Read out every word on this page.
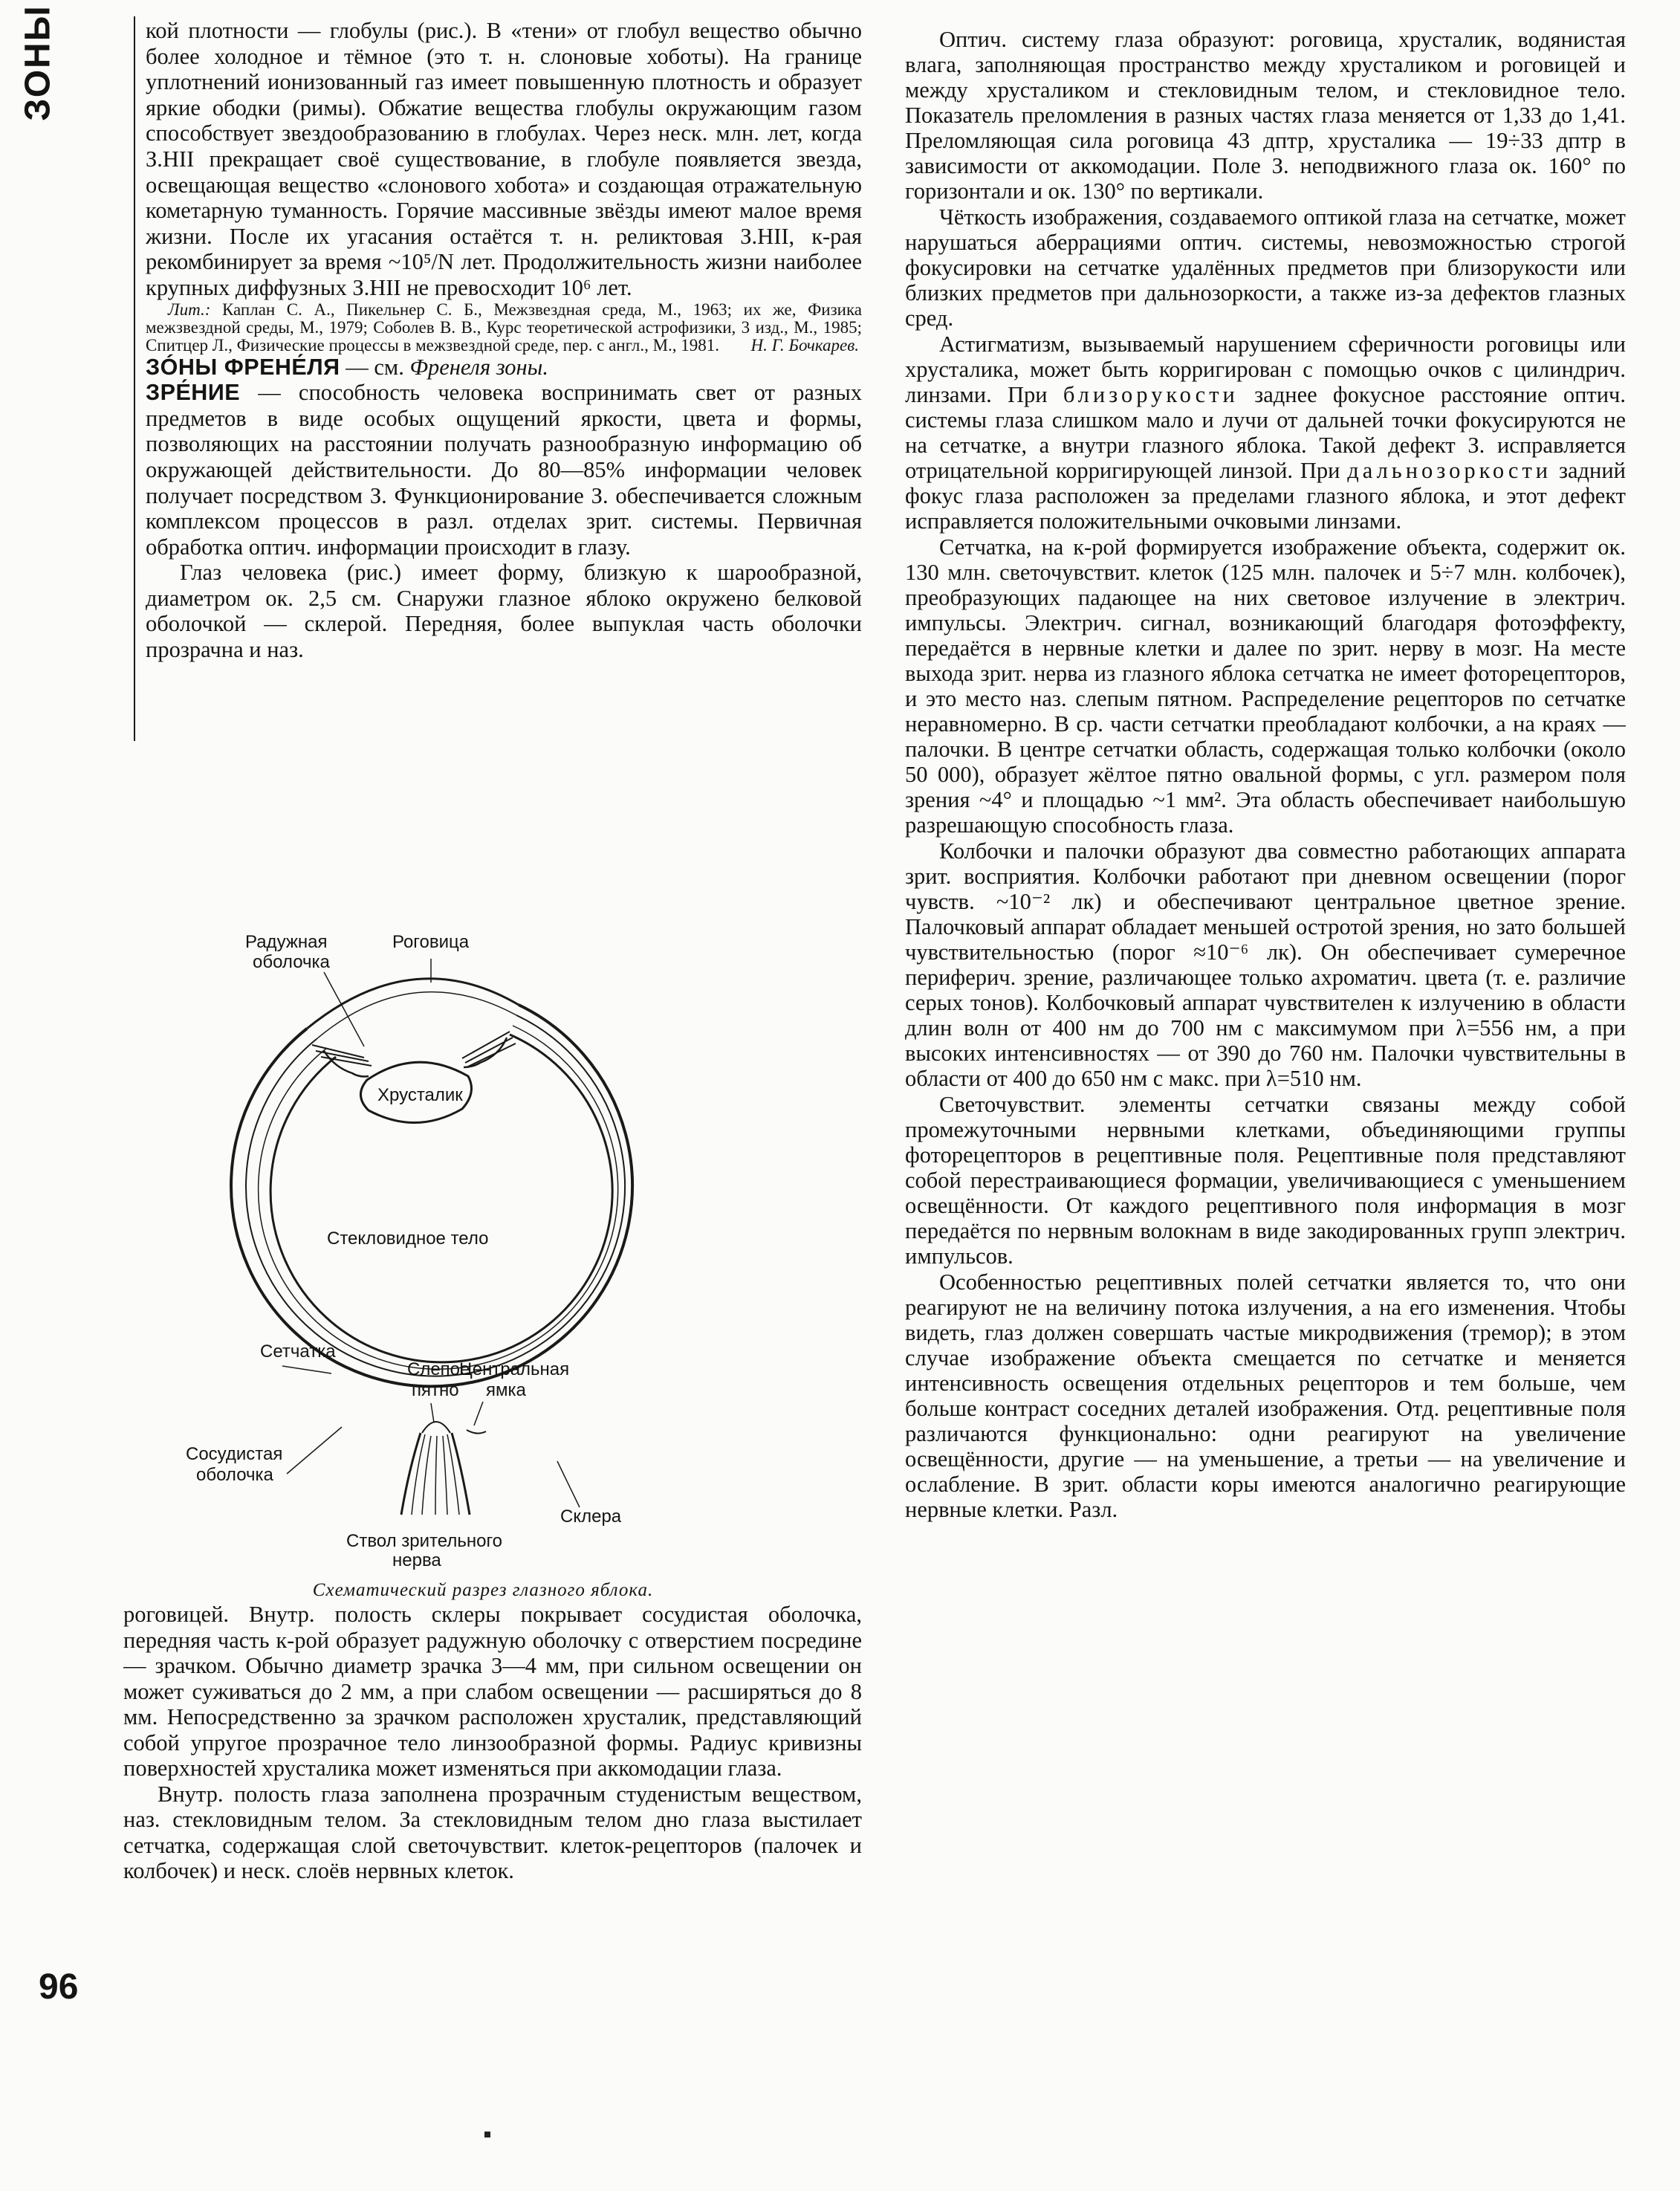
ЗОНЫ
96

кой плотности — глобулы (рис.). В «тени» от глобул вещество обычно более холодное и тёмное (это т. н. слоновые хоботы). На границе уплотнений ионизованный газ имеет повышенную плотность и образует яркие ободки (римы). Обжатие вещества глобулы окружающим газом способствует звездообразованию в глобулах. Через неск. млн. лет, когда З.НII прекращает своё существование, в глобуле появляется звезда, освещающая вещество «слонового хобота» и создающая отражательную кометарную туманность. Горячие массивные звёзды имеют малое время жизни. После их угасания остаётся т. н. реликтовая З.НII, к-рая рекомбинирует за время ~10⁵/N лет. Продолжительность жизни наиболее крупных диффузных З.НII не превосходит 10⁶ лет.

Лит.: Каплан С. А., Пикельнер С. Б., Межзвездная среда, М., 1963; их же, Физика межзвездной среды, М., 1979; Соболев В. В., Курс теоретической астрофизики, 3 изд., М., 1985; Спитцер Л., Физические процессы в межзвездной среде, пер. с англ., М., 1981.	Н. Г. Бочкарев.

ЗÓНЫ ФРЕНЕ́ЛЯ — см. Френеля зоны.

ЗРЕ́НИЕ — способность человека воспринимать свет от разных предметов в виде особых ощущений яркости, цвета и формы, позволяющих на расстоянии получать разнообразную информацию об окружающей действительности. До 80—85% информации человек получает посредством З. Функционирование З. обеспечивается сложным комплексом процессов в разл. отделах зрит. системы. Первичная обработка оптич. информации происходит в глазу.

Глаз человека (рис.) имеет форму, близкую к шарообразной, диаметром ок. 2,5 см. Снаружи глазное яблоко окружено белковой оболочкой — склерой. Передняя, более выпуклая часть оболочки прозрачна и наз.

Радужная
оболочка
Роговица
Хрусталик
Стекловидное тело
Сетчатка
Слепое
пятно
Центральная
ямка
Сосудистая
оболочка
Склера
Ствол зрительного
нерва
Схематический разрез глазного яблока.

роговицей. Внутр. полость склеры покрывает сосудистая оболочка, передняя часть к-рой образует радужную оболочку с отверстием посредине — зрачком. Обычно диаметр зрачка 3—4 мм, при сильном освещении он может суживаться до 2 мм, а при слабом освещении — расширяться до 8 мм. Непосредственно за зрачком расположен хрусталик, представляющий собой упругое прозрачное тело линзообразной формы. Радиус кривизны поверхностей хрусталика может изменяться при аккомодации глаза.

Внутр. полость глаза заполнена прозрачным студенистым веществом, наз. стекловидным телом. За стекловидным телом дно глаза выстилает сетчатка, содержащая слой светочувствит. клеток-рецепторов (палочек и колбочек) и неск. слоёв нервных клеток.

Оптич. систему глаза образуют: роговица, хрусталик, водянистая влага, заполняющая пространство между хрусталиком и роговицей и между хрусталиком и стекловидным телом, и стекловидное тело. Показатель преломления в разных частях глаза меняется от 1,33 до 1,41. Преломляющая сила роговица 43 дптр, хрусталика — 19÷33 дптр в зависимости от аккомодации. Поле З. неподвижного глаза ок. 160° по горизонтали и ок. 130° по вертикали.

Чёткость изображения, создаваемого оптикой глаза на сетчатке, может нарушаться аберрациями оптич. системы, невозможностью строгой фокусировки на сетчатке удалённых предметов при близорукости или близких предметов при дальнозоркости, а также из-за дефектов глазных сред.

Астигматизм, вызываемый нарушением сферичности роговицы или хрусталика, может быть корригирован с помощью очков с цилиндрич. линзами. При близорукости заднее фокусное расстояние оптич. системы глаза слишком мало и лучи от дальней точки фокусируются не на сетчатке, а внутри глазного яблока. Такой дефект З. исправляется отрицательной корригирующей линзой. При дальнозоркости задний фокус глаза расположен за пределами глазного яблока, и этот дефект исправляется положительными очковыми линзами.

Сетчатка, на к-рой формируется изображение объекта, содержит ок. 130 млн. светочувствит. клеток (125 млн. палочек и 5÷7 млн. колбочек), преобразующих падающее на них световое излучение в электрич. импульсы. Электрич. сигнал, возникающий благодаря фотоэффекту, передаётся в нервные клетки и далее по зрит. нерву в мозг. На месте выхода зрит. нерва из глазного яблока сетчатка не имеет фоторецепторов, и это место наз. слепым пятном. Распределение рецепторов по сетчатке неравномерно. В ср. части сетчатки преобладают колбочки, а на краях — палочки. В центре сетчатки область, содержащая только колбочки (около 50 000), образует жёлтое пятно овальной формы, с угл. размером поля зрения ~4° и площадью ~1 мм². Эта область обеспечивает наибольшую разрешающую способность глаза.

Колбочки и палочки образуют два совместно работающих аппарата зрит. восприятия. Колбочки работают при дневном освещении (порог чувств. ~10⁻² лк) и обеспечивают центральное цветное зрение. Палочковый аппарат обладает меньшей остротой зрения, но зато большей чувствительностью (порог ≈10⁻⁶ лк). Он обеспечивает сумеречное периферич. зрение, различающее только ахроматич. цвета (т. е. различие серых тонов). Колбочковый аппарат чувствителен к излучению в области длин волн от 400 нм до 700 нм с максимумом при λ=556 нм, а при высоких интенсивностях — от 390 до 760 нм. Палочки чувствительны в области от 400 до 650 нм с макс. при λ=510 нм.

Светочувствит. элементы сетчатки связаны между собой промежуточными нервными клетками, объединяющими группы фоторецепторов в рецептивные поля. Рецептивные поля представляют собой перестраивающиеся формации, увеличивающиеся с уменьшением освещённости. От каждого рецептивного поля информация в мозг передаётся по нервным волокнам в виде закодированных групп электрич. импульсов.

Особенностью рецептивных полей сетчатки является то, что они реагируют не на величину потока излучения, а на его изменения. Чтобы видеть, глаз должен совершать частые микродвижения (тремор); в этом случае изображение объекта смещается по сетчатке и меняется интенсивность освещения отдельных рецепторов и тем больше, чем больше контраст соседних деталей изображения. Отд. рецептивные поля различаются функционально: одни реагируют на увеличение освещённости, другие — на уменьшение, а третьи — на увеличение и ослабление. В зрит. области коры имеются аналогично реагирующие нервные клетки. Разл.
